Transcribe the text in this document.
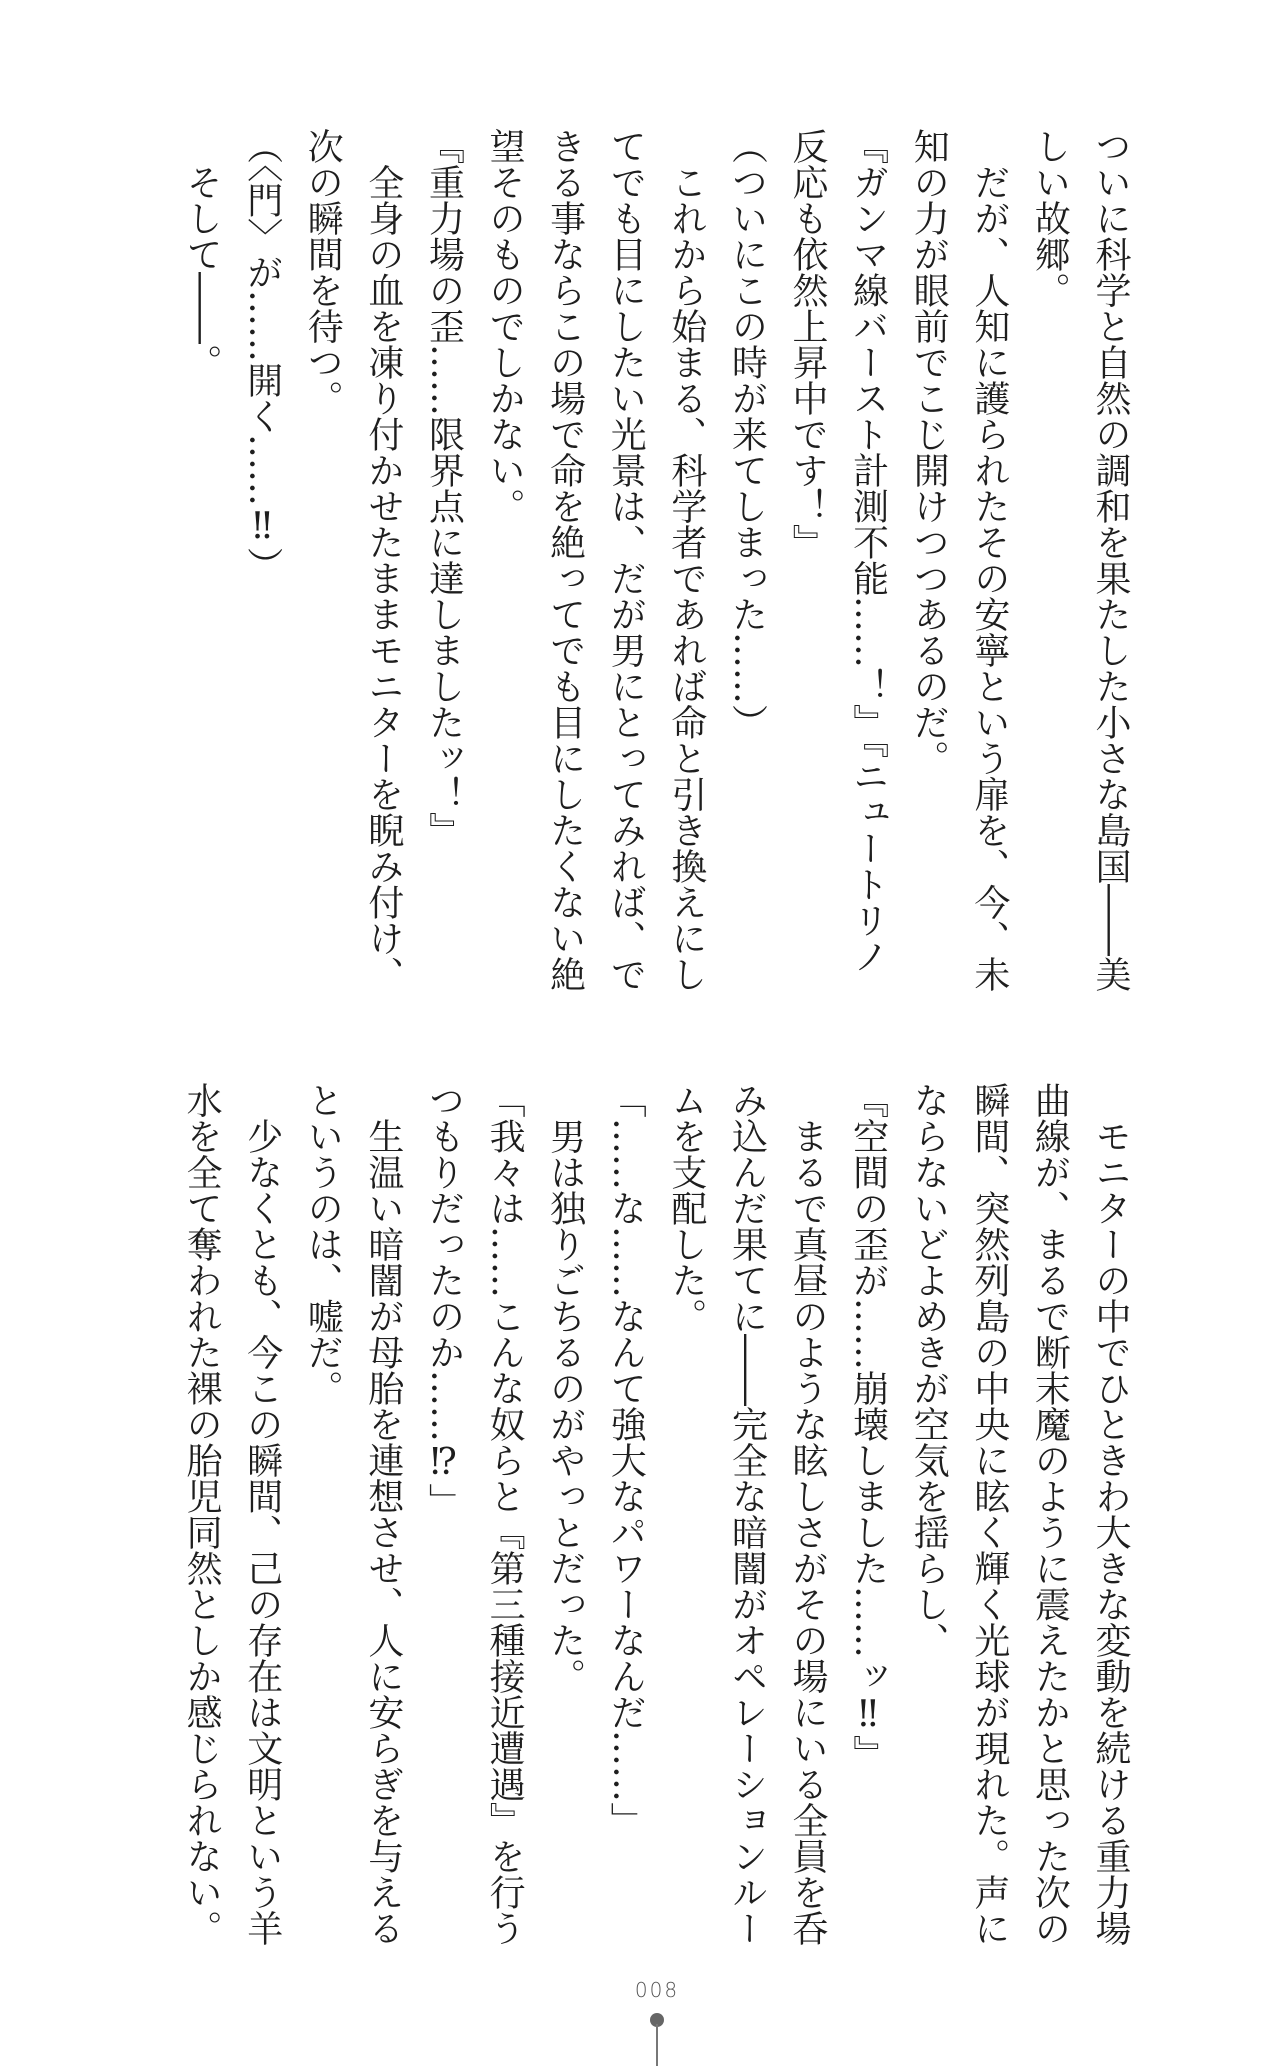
ついに科学と自然の調和を果たした小さな島国――美

しい故郷。

　だが、人知に護られたその安寧という扉を、今、未

知の力が眼前でこじ開けつつあるのだ。

『ガンマ線バースト計測不能……！』『ニュートリノ

反応も依然上昇中です！』

（ついにこの時が来てしまった……）

　これから始まる、科学者であれば命と引き換えにし

てでも目にしたい光景は、だが男にとってみれば、で

きる事ならこの場で命を絶ってでも目にしたくない絶

望そのものでしかない。

『重力場の歪……限界点に達しましたッ！』

　全身の血を凍り付かせたままモニターを睨み付け、

次の瞬間を待つ。

（〈門〉が……開く……‼）

　そして――。

　モニターの中でひときわ大きな変動を続ける重力場

曲線が、まるで断末魔のように震えたかと思った次の

瞬間、突然列島の中央に眩く輝く光球が現れた。声に

ならないどよめきが空気を揺らし、

『空間の歪が……崩壊しました……ッ‼』

　まるで真昼のような眩しさがその場にいる全員を呑

み込んだ果てに――完全な暗闇がオペレーションルー

ムを支配した。

「……な……なんて強大なパワーなんだ……」

　男は独りごちるのがやっとだった。

「我々は……こんな奴らと『第三種接近遭遇』を行う

つもりだったのか……⁉」

　生温い暗闇が母胎を連想させ、人に安らぎを与える

というのは、嘘だ。

　少なくとも、今この瞬間、己の存在は文明という羊

水を全て奪われた裸の胎児同然としか感じられない。

008
